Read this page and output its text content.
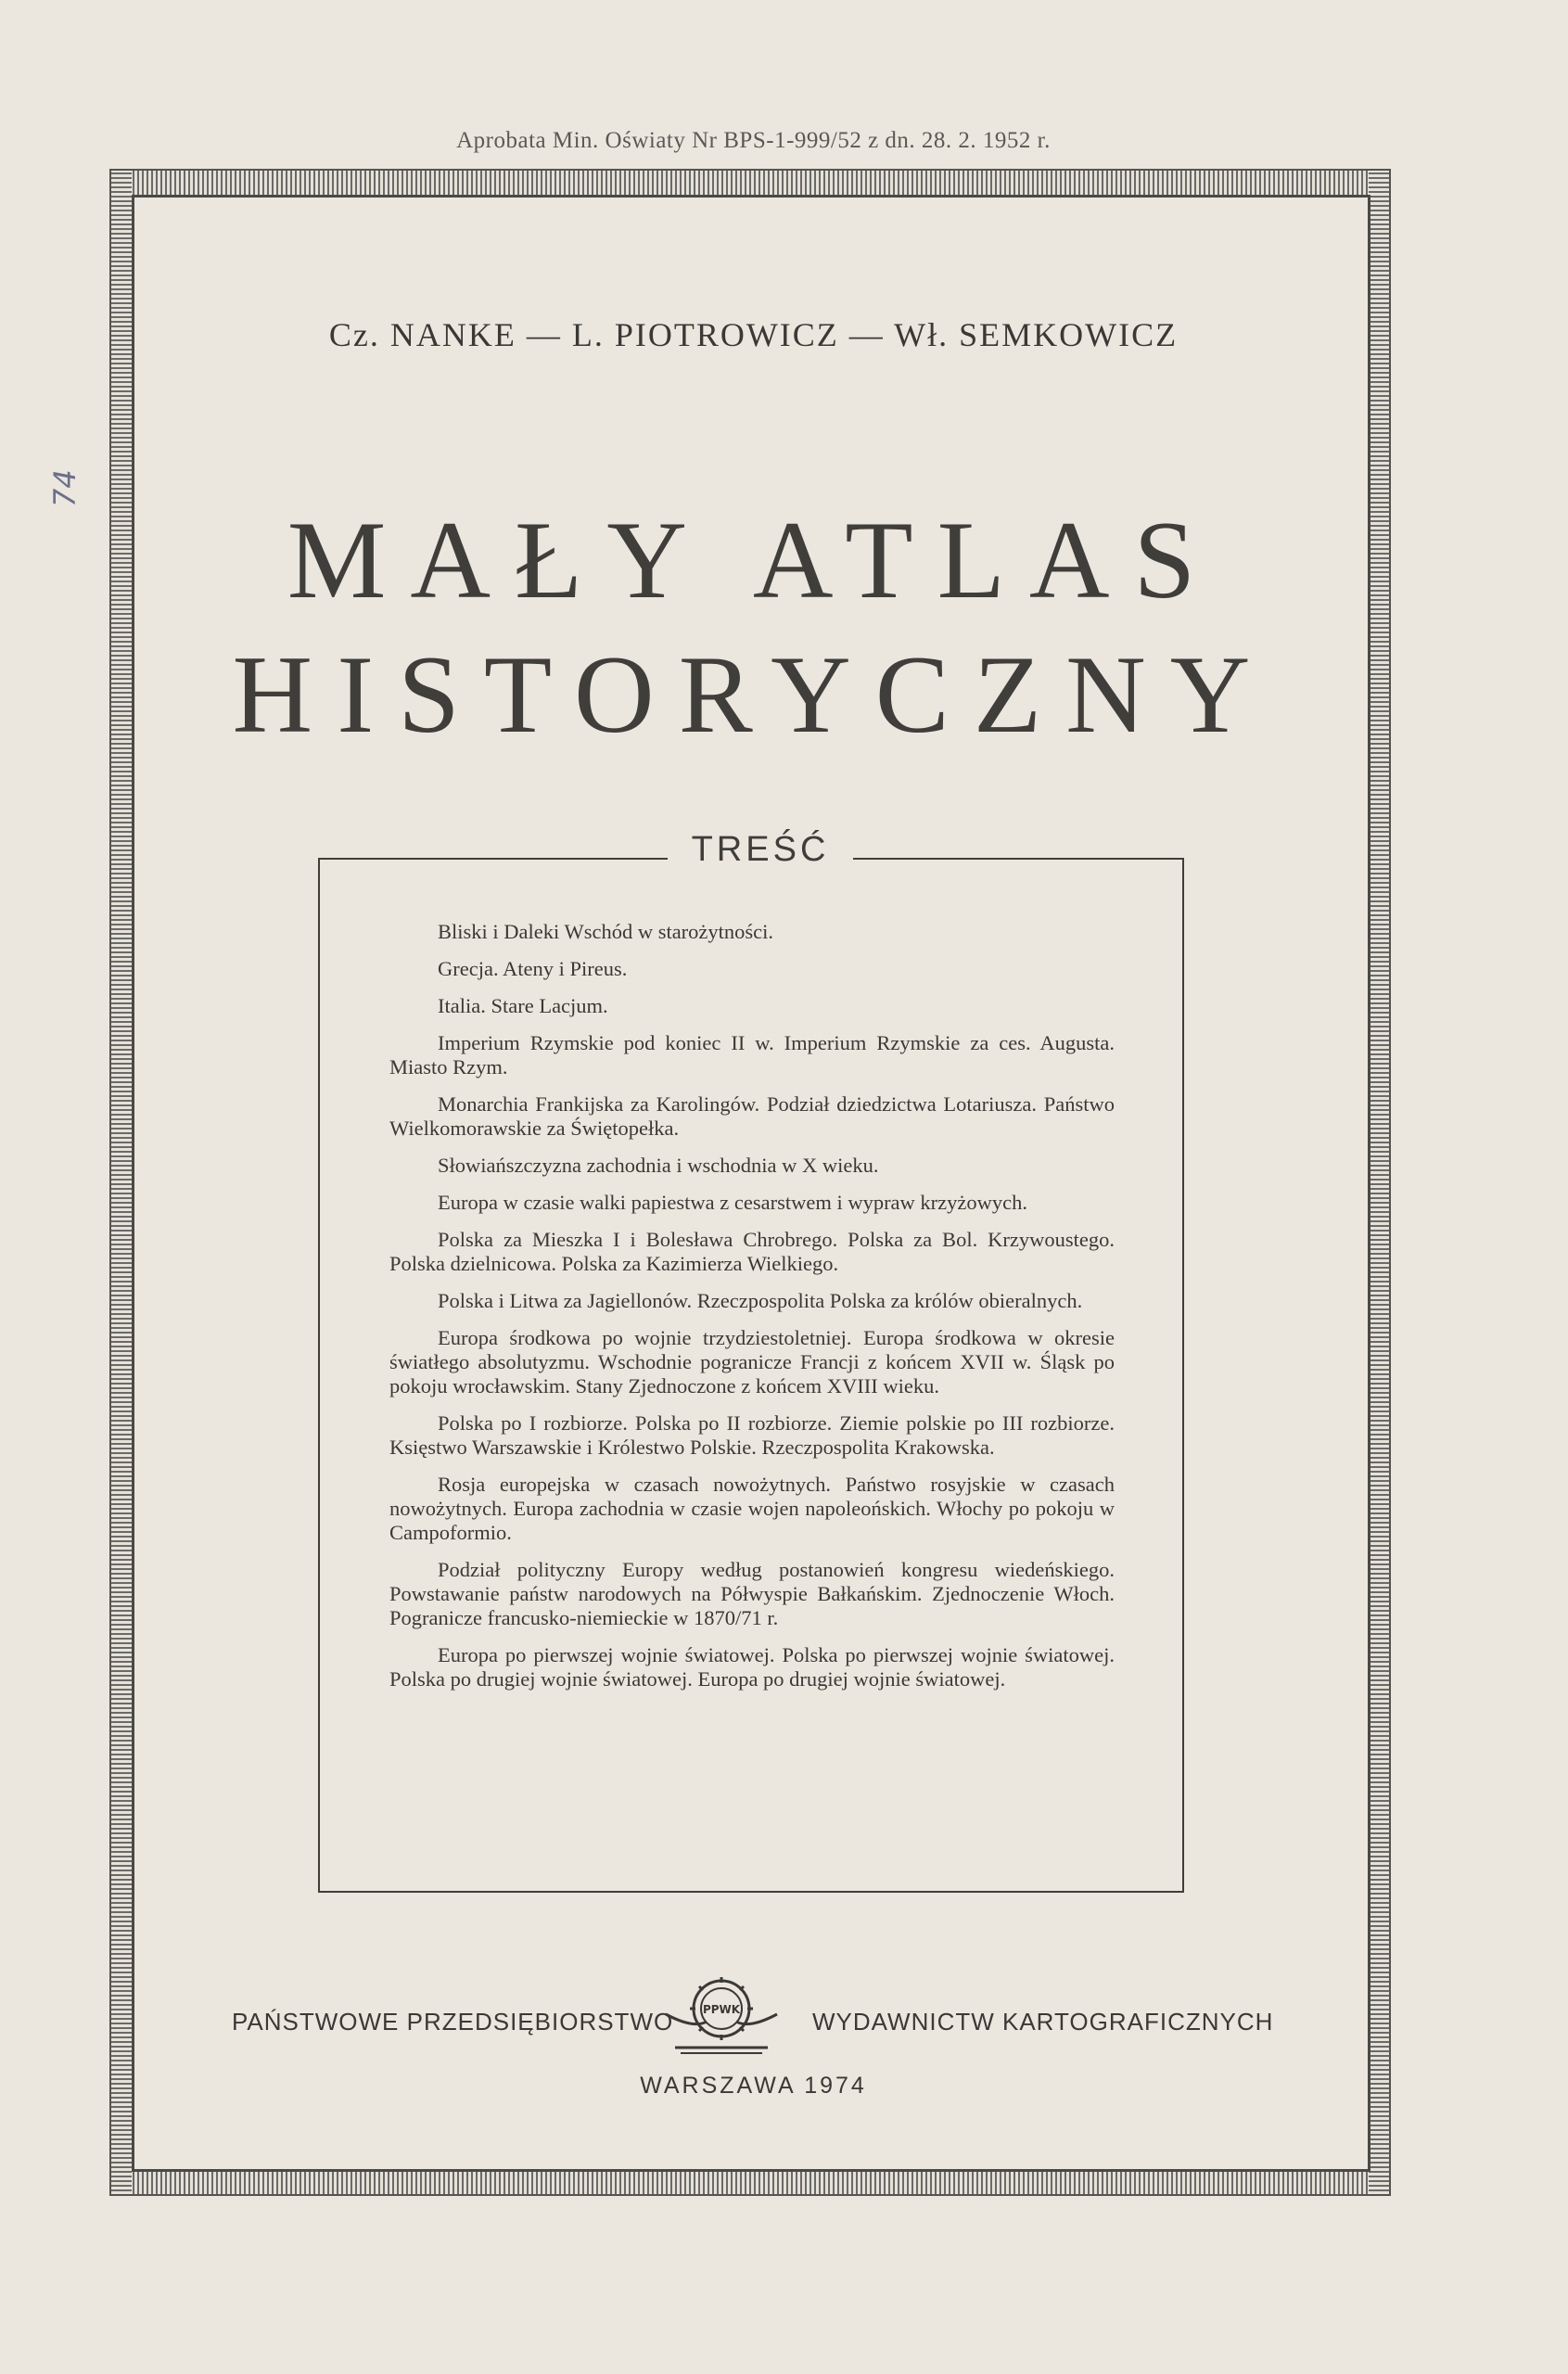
Aprobata Min. Oświaty Nr BPS-1-999/52 z dn. 28. 2. 1952 r.
74
Cz. NANKE — L. PIOTROWICZ — Wł. SEMKOWICZ
MAŁY ATLAS
HISTORYCZNY
TREŚĆ
Bliski i Daleki Wschód w starożytności.
Grecja. Ateny i Pireus.
Italia. Stare Lacjum.
Imperium Rzymskie pod koniec II w. Imperium Rzymskie za ces. Augusta. Miasto Rzym.
Monarchia Frankijska za Karolingów. Podział dziedzictwa Lotariusza. Państwo Wielkomorawskie za Świętopełka.
Słowiańszczyzna zachodnia i wschodnia w X wieku.
Europa w czasie walki papiestwa z cesarstwem i wypraw krzyżowych.
Polska za Mieszka I i Bolesława Chrobrego. Polska za Bol. Krzywoustego. Polska dzielnicowa. Polska za Kazimierza Wielkiego.
Polska i Litwa za Jagiellonów. Rzeczpospolita Polska za królów obieralnych.
Europa środkowa po wojnie trzydziestoletniej. Europa środkowa w okresie światłego absolutyzmu. Wschodnie pogranicze Francji z końcem XVII w. Śląsk po pokoju wrocławskim. Stany Zjednoczone z końcem XVIII wieku.
Polska po I rozbiorze. Polska po II rozbiorze. Ziemie polskie po III rozbiorze. Księstwo Warszawskie i Królestwo Polskie. Rzeczpospolita Krakowska.
Rosja europejska w czasach nowożytnych. Państwo rosyjskie w czasach nowożytnych. Europa zachodnia w czasie wojen napoleońskich. Włochy po pokoju w Campoformio.
Podział polityczny Europy według postanowień kongresu wiedeńskiego. Powstawanie państw narodowych na Półwyspie Bałkańskim. Zjednoczenie Włoch. Pogranicze francusko-niemieckie w 1870/71 r.
Europa po pierwszej wojnie światowej. Polska po pierwszej wojnie światowej. Polska po drugiej wojnie światowej. Europa po drugiej wojnie światowej.
PAŃSTWOWE PRZEDSIĘBIORSTWO	PPWK	WYDAWNICTW KARTOGRAFICZNYCH
WARSZAWA 1974
